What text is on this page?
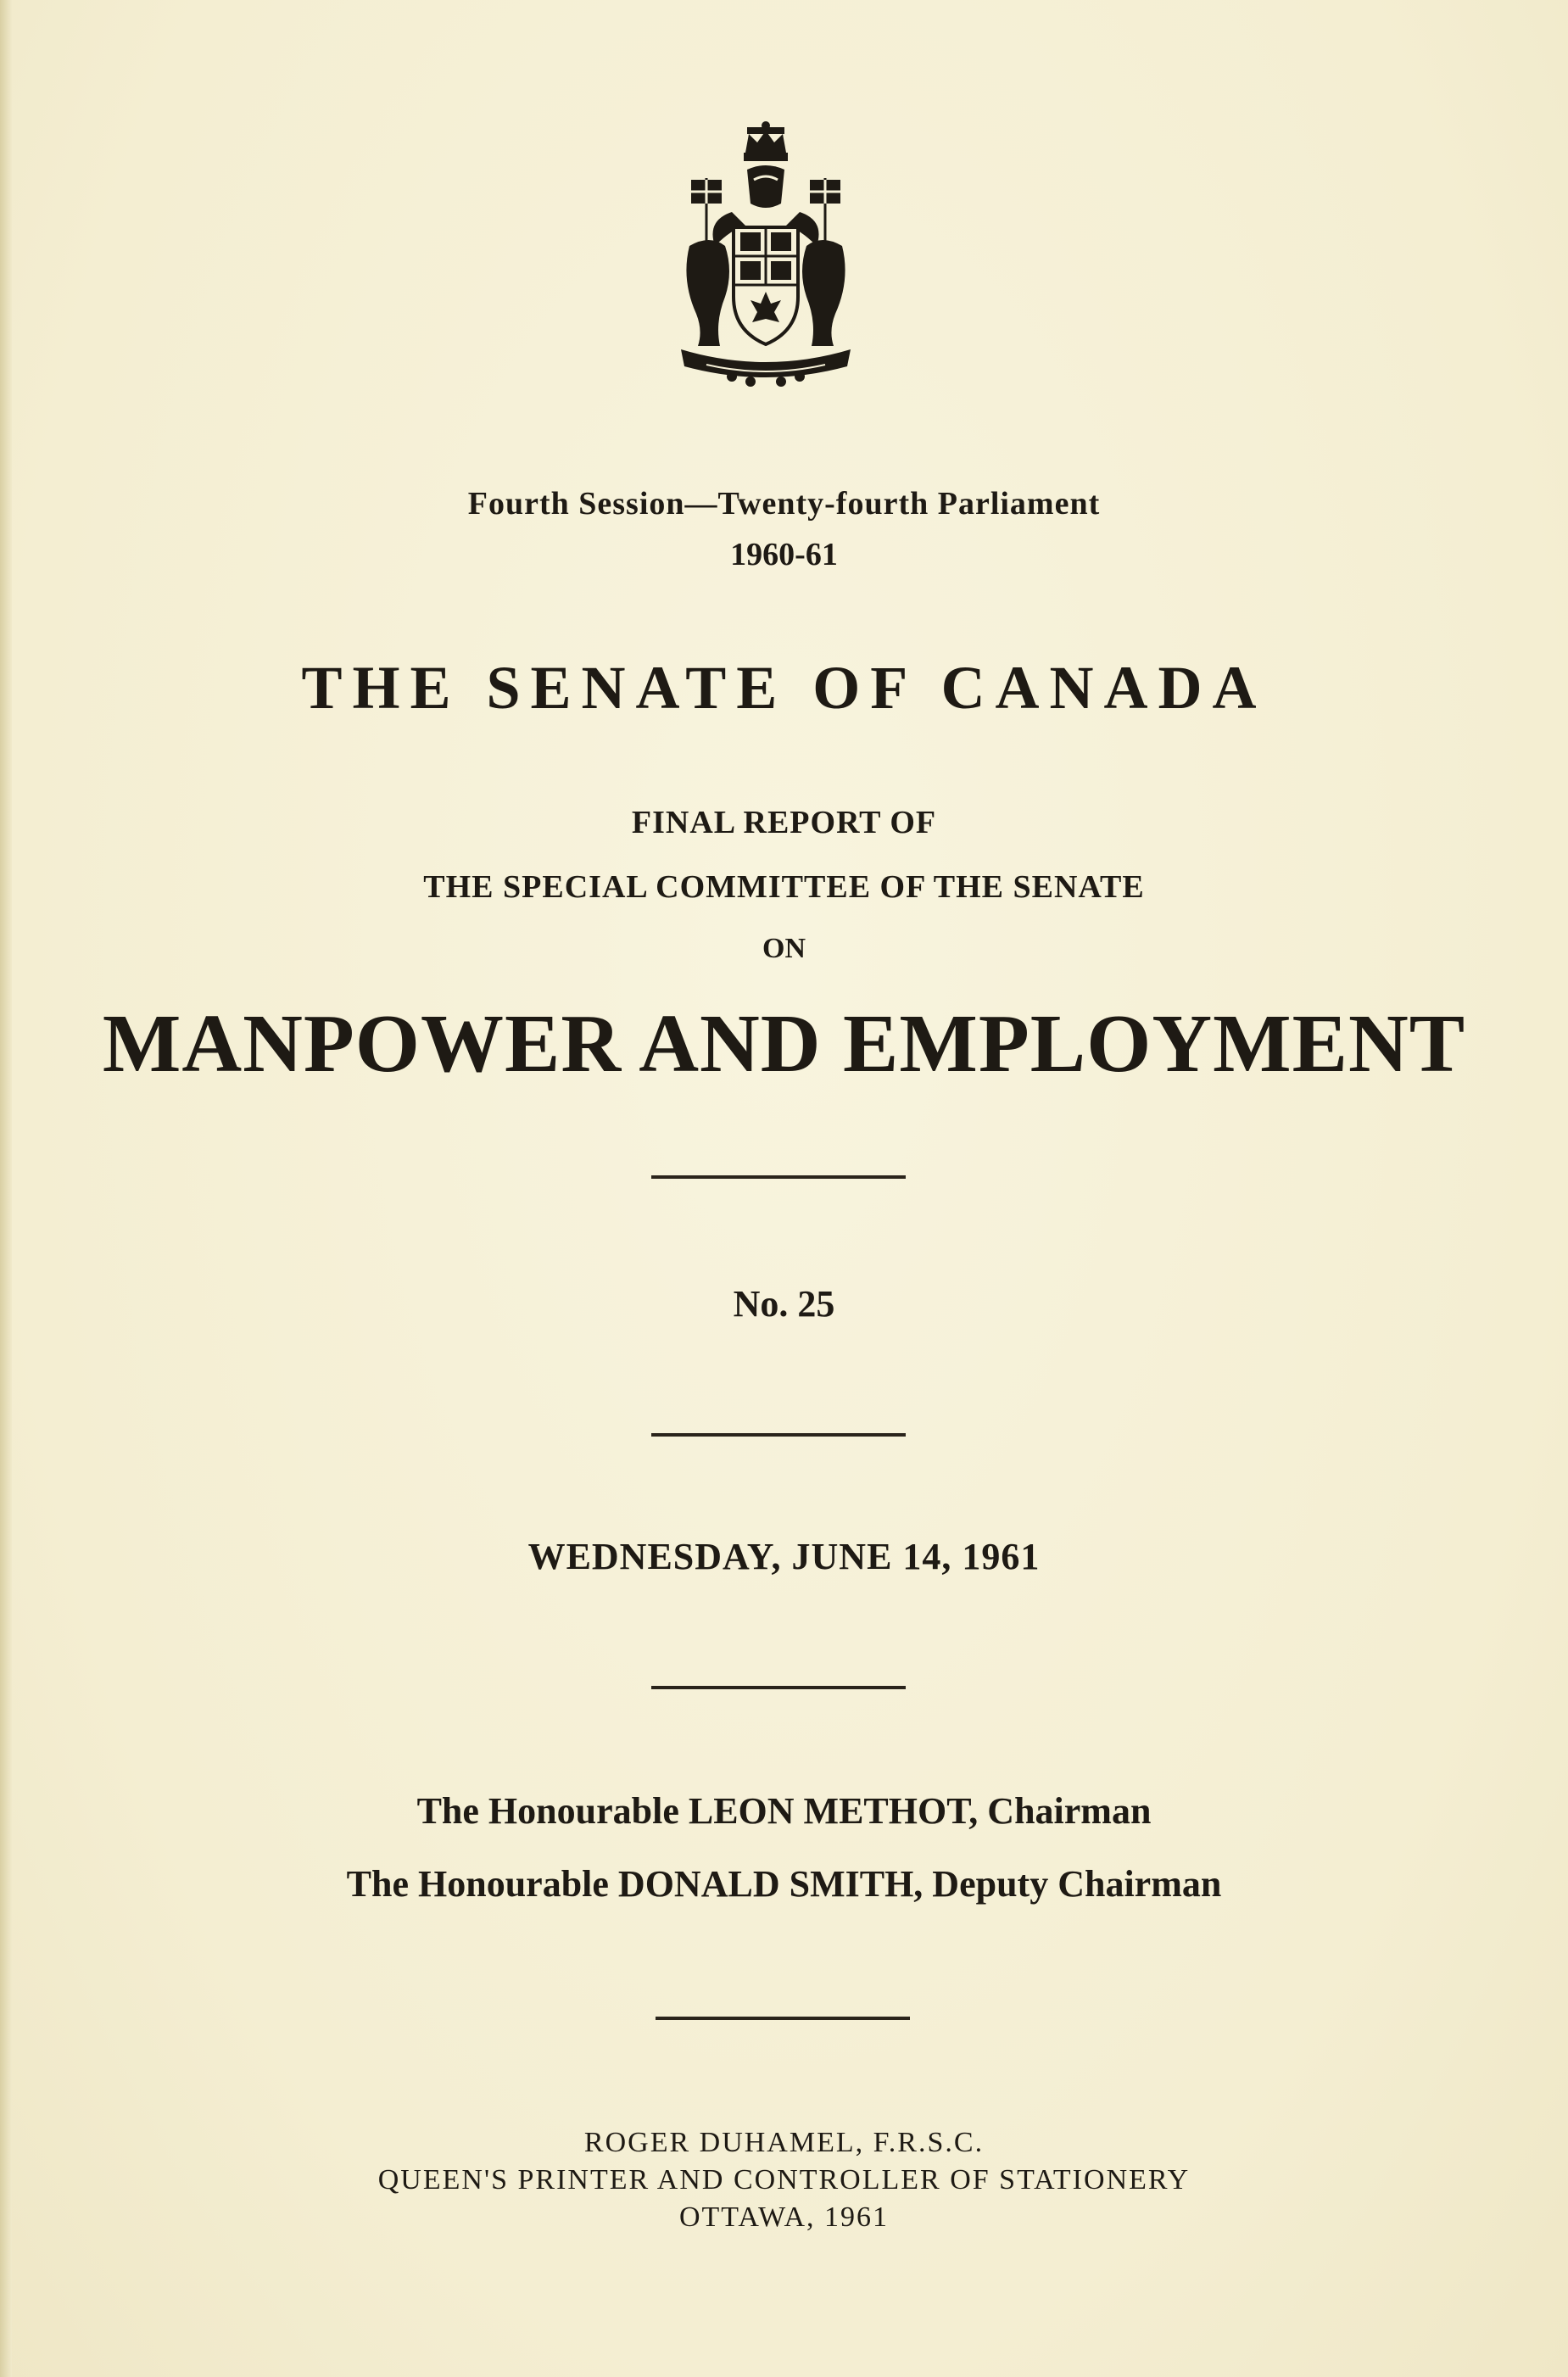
Fourth Session—Twenty-fourth Parliament
1960-61
THE SENATE OF CANADA
FINAL REPORT OF
THE SPECIAL COMMITTEE OF THE SENATE
ON
MANPOWER AND EMPLOYMENT
No. 25
WEDNESDAY, JUNE 14, 1961
The Honourable LEON METHOT, Chairman
The Honourable DONALD SMITH, Deputy Chairman
ROGER DUHAMEL, F.R.S.C.
QUEEN'S PRINTER AND CONTROLLER OF STATIONERY
OTTAWA, 1961
